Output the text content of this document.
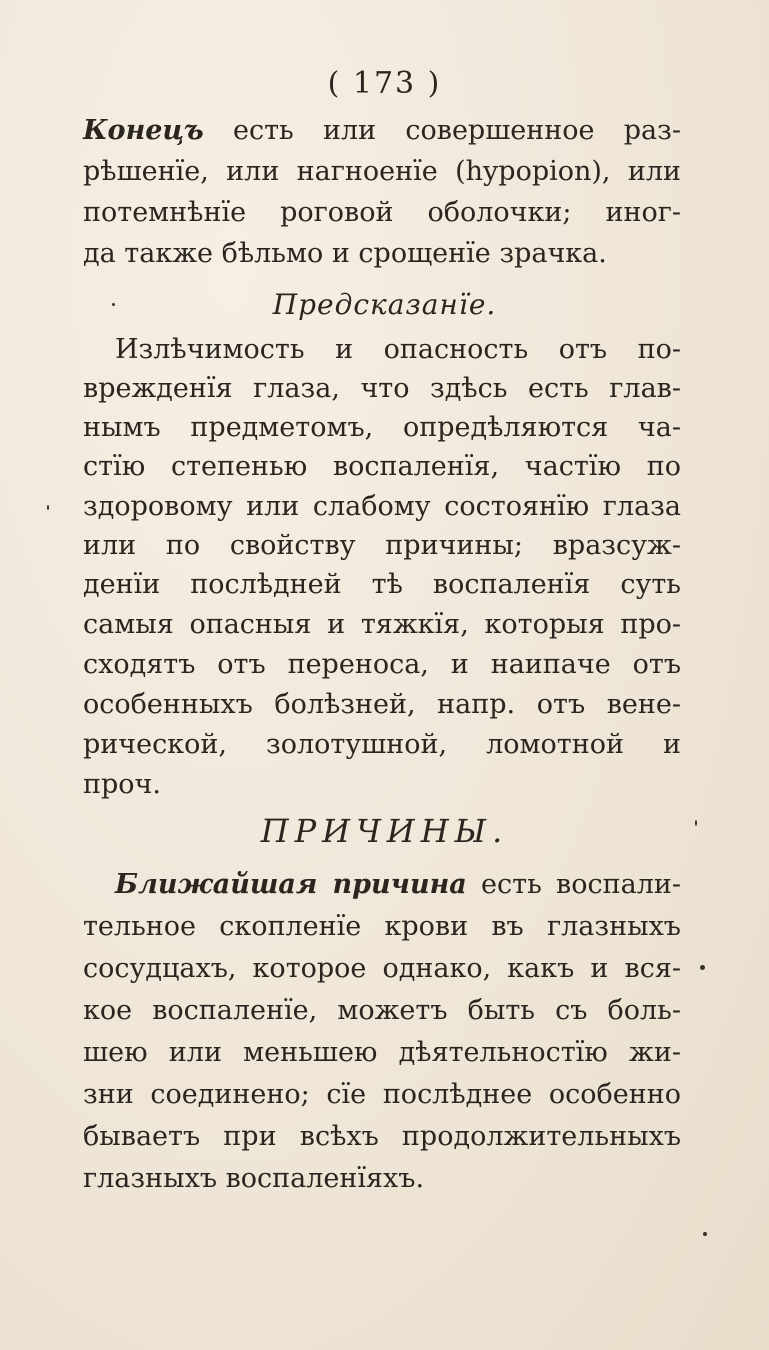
( 173 )
Конецъ есть или совершенное раз-
рѣшенїе, или нагноенїе (hypopion), или
потемнѣнїе роговой оболочки; иног-
да также бѣльмо и срощенїе зрачка.
Предсказанїе.
Излѣчимость и опасность отъ по-
врежденїя глаза, что здѣсь есть глав-
нымъ предметомъ, опредѣляются ча-
стїю степенью воспаленїя, частїю по
здоровому или слабому состоянїю глаза
или по свойству причины; вразсуж-
денїи послѣдней тѣ воспаленїя суть
самыя опасныя и тяжкїя, которыя про-
сходятъ отъ переноса, и наипаче отъ
особенныхъ болѣзней, напр. отъ вене-
рической, золотушной, ломотной и
проч.
ПРИЧИНЫ.
Ближайшая причина есть воспали-
тельное скопленїе крови въ глазныхъ
сосудцахъ, которое однако, какъ и вся-
кое воспаленїе, можетъ быть съ боль-
шею или меньшею дѣятельностїю жи-
зни соединено; сїе послѣднее особенно
бываетъ при всѣхъ продолжительныхъ
глазныхъ воспаленїяхъ.
